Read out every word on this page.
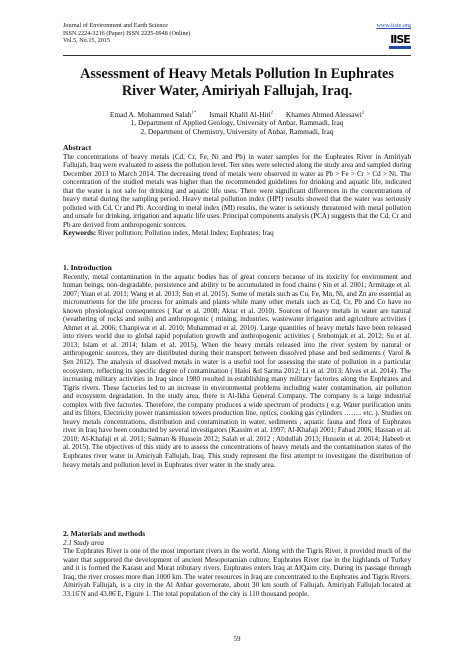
Journal of Environment and Earth Science
ISSN 2224-3216 (Paper) ISSN 2225-0948 (Online)
Vol.5, No.15, 2015
www.iiste.org
IISE
Assessment of Heavy Metals Pollution In Euphrates River Water, Amiriyah Fallujah, Iraq.
Emad A. Mohammed Salah$^{1*}$ Ismail Khalil Al-Hiti$^2$ Khames Ahmed Alessawi$^2$
1, Department of Applied Geology, University of Anbar, Rammadi, Iraq
2, Department of Chemistry, University of Anbar, Rammadi, Iraq
Abstract
The concentrations of heavy metals (Cd, Cr, Fe, Ni and Pb) in water samples for the Euphrates River in Amiriyah Fallujah, Iraq were evaluated to assess the pollution level. Ten sites were selected along the study area and sampled during December 2013 to March 2014. The decreasing trend of metals were observed in water as Pb > Fe > Cr > Cd > Ni. The concentration of the studied metals was higher than the recommended guidelines for drinking and aquatic life, indicated that the water is not safe for drinking and aquatic life uses. There were significant differences in the concentrations of heavy metal during the sampling period. Heavy metal pollution index (HPI) results showed that the water was seriously polluted with Cd, Cr and Pb. According to metal index (MI) results, the water is seriously threatened with metal pollution and unsafe for drinking, irrigation and aquatic life uses. Principal components analysis (PCA) suggests that the Cd, Cr and Pb are derived from anthropogenic sources.
Keywords: River pollution; Pollution index, Metal Index; Euphrates; Iraq
1. Introduction
Recently, metal contamination in the aquatic bodies has of great concern because of its toxicity for environment and human beings, non-degradable, persistence and ability to be accumulated in food chains ( Sin et al. 2001; Armitage et al. 2007; Yuan et al. 2011; Wang et al. 2013; Sun et al. 2015). Some of metals such as Cu, Fe, Mn, Ni, and Zn are essential as micronutrients for the life process for animals and plants while many other metals such as Cd, Cr, Pb and Co have no known physiological consequences ( Kar et al. 2008; Aktar et al. 2010). Sources of heavy metals in water are natural (weathering of rocks and soils) and anthropogenic ( mining, industries, wastewater irrigation and agriculture activities ( Ahmet et al. 2006; Chanpiwat et al. 2010; Muhammad et al. 2010). Large quantities of heavy metals have been released into rivers world due to global rapid population growth and anthropogenic activities ( Srebotnjak et al. 2012; Su et al. 2013; Islam et al. 2014; Islam et al. 2015). When the heavy metals released into the river system by natural or anthropogenic sources, they are distributed during their transport between dissolved phase and bed sediments ( Varol & Şen 2012). The analysis of dissolved metals in water is a useful tool for assessing the state of pollution in a particular ecosystem, reflecting its specific degree of contamination ( Haloi &d Sarma 2012; Li et al. 2013; Alves et al. 2014). The increasing military activities in Iraq since 1980 resulted in establishing many military factories along the Euphrates and Tigris rivers. These factories led to an increase in environmental problems including water contamination, air pollution and ecosystem degradation. In the study area, there is Al-Ikha General Company. The company is a large industrial complex with five factories. Therefore, the company produces a wide spectrum of products ( e.g. Water purification units and its filters, Electricity power transmission towers production line, optics, cooking gas cylinders …….. etc. ). Studies on heavy metals concentrations, distribution and contamination in water, sediments , aquatic fauna and flora of Euphrates river in Iraq have been conducted by several investigators (Kassim et al. 1997; Al-Khafaji 2001; Fahad 2006; Hassan et al. 2010; Al-Khafaji et al. 2011; Salman & Hussein 2012; Salah et al. 2012 ; Abdullah 2013; Hussein et al. 2014; Habeeb et al. 2015). The objectives of this study are to assess the concentrations of heavy metals and the contamination status of the Euphrates river water in Amiriyah Fallujah, Iraq. This study represent the first attempt to investigate the distribution of heavy metals and pollution level in Euphrates river water in the study area.
2. Materials and methods
2.1 Study area
The Euphrates River is one of the most important rivers in the world. Along with the Tigris River, it provided much of the water that supported the development of ancient Mesopotamian culture. Euphrates River rise in the highlands of Turkey and it is formed the Karasu and Murat tributary rivers. Euphrates enters Iraq at AlQaim city. During its passage through Iraq, the river crosses more than 1000 km. The water resources in Iraq are concentrated to the Euphrates and Tigris Rivers. Amiriyah Fallujah, is a city in the Al Anbar governorate, about 30 km south of Fallujah. Amiriyah Fallujah located at 33.16̊ N and 43.86̊ E, Figure 1. The total population of the city is 110 thousand people.
59
